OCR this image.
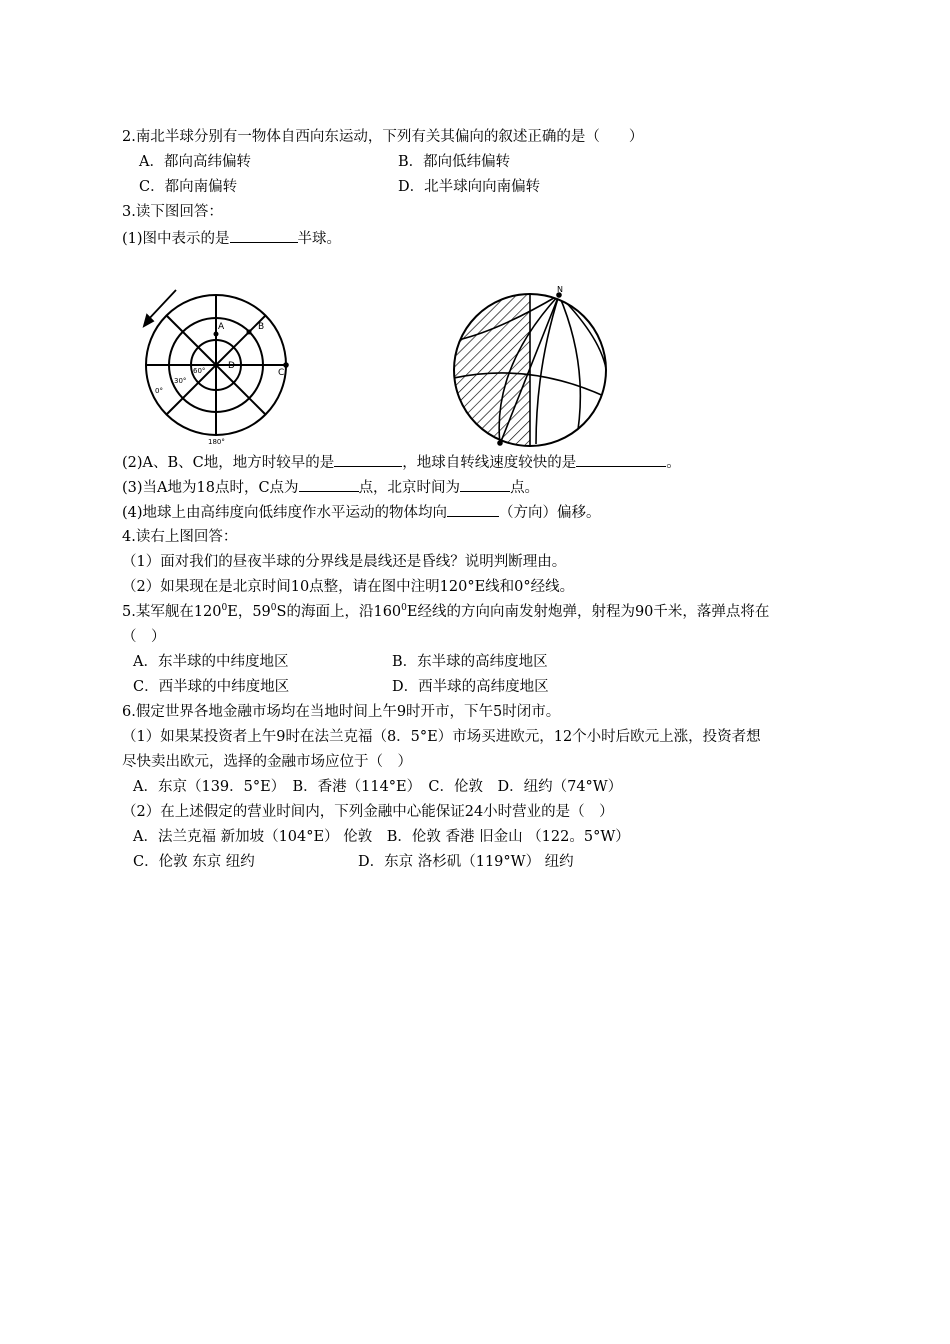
2.南北半球分别有一物体自西向东运动，下列有关其偏向的叙述正确的是（　　）
A．都向高纬偏转	B．都向低纬偏转
C．都向南偏转	D．北半球向向南偏转
3.读下图回答：
(1)图中表示的是	半球。
A	B
C
D
60°
30°
0°
180°
N
(2)A、B、C地，地方时较早的是	，地球自转线速度较快的是	。
(3)当A地为18点时，C点为	点，北京时间为	点。
(4)地球上由高纬度向低纬度作水平运动的物体均向	（方向）偏移。
4.读右上图回答：
（1）面对我们的昼夜半球的分界线是晨线还是昏线？说明判断理由。
（2）如果现在是北京时间10点整，请在图中注明120°E线和0°经线。
5.某军舰在$120^0E$，$59^0S$的海面上，沿$160^0E$经线的方向向南发射炮弹，射程为90千米，落弹点将在
（　）
A．东半球的中纬度地区	B．东半球的高纬度地区
C．西半球的中纬度地区	D．西半球的高纬度地区
6.假定世界各地金融市场均在当地时间上午9时开市，下午5时闭市。
（1）如果某投资者上午9时在法兰克福（8．5°E）市场买进欧元，12个小时后欧元上涨，投资者想
尽快卖出欧元，选择的金融市场应位于（　）
A．东京（139．5°E）　B．香港（114°E）　C．伦敦　D．纽约（74°W）
（2）在上述假定的营业时间内，下列金融中心能保证24小时营业的是（　）
A．法兰克福 新加坡（104°E） 伦敦　B．伦敦 香港 旧金山 （122。5°W）
C．伦敦 东京 纽约	D．东京 洛杉矶（119°W） 纽约
